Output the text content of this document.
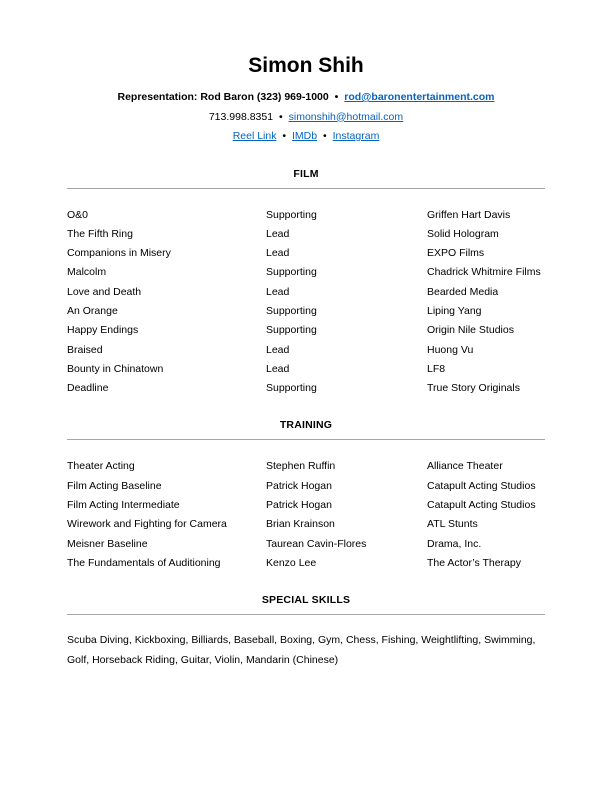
Simon Shih
Representation: Rod Baron (323) 969-1000 • rod@baronentertainment.com
713.998.8351 • simonshih@hotmail.com
Reel Link • IMDb • Instagram
FILM
O&0	Supporting	Griffen Hart Davis
The Fifth Ring	Lead	Solid Hologram
Companions in Misery	Lead	EXPO Films
Malcolm	Supporting	Chadrick Whitmire Films
Love and Death	Lead	Bearded Media
An Orange	Supporting	Liping Yang
Happy Endings	Supporting	Origin Nile Studios
Braised	Lead	Huong Vu
Bounty in Chinatown	Lead	LF8
Deadline	Supporting	True Story Originals
TRAINING
Theater Acting	Stephen Ruffin	Alliance Theater
Film Acting Baseline	Patrick Hogan	Catapult Acting Studios
Film Acting Intermediate	Patrick Hogan	Catapult Acting Studios
Wirework and Fighting for Camera	Brian Krainson	ATL Stunts
Meisner Baseline	Taurean Cavin-Flores	Drama, Inc.
The Fundamentals of Auditioning	Kenzo Lee	The Actor’s Therapy
SPECIAL SKILLS
Scuba Diving, Kickboxing, Billiards, Baseball, Boxing, Gym, Chess, Fishing, Weightlifting, Swimming, Golf, Horseback Riding, Guitar, Violin, Mandarin (Chinese)
